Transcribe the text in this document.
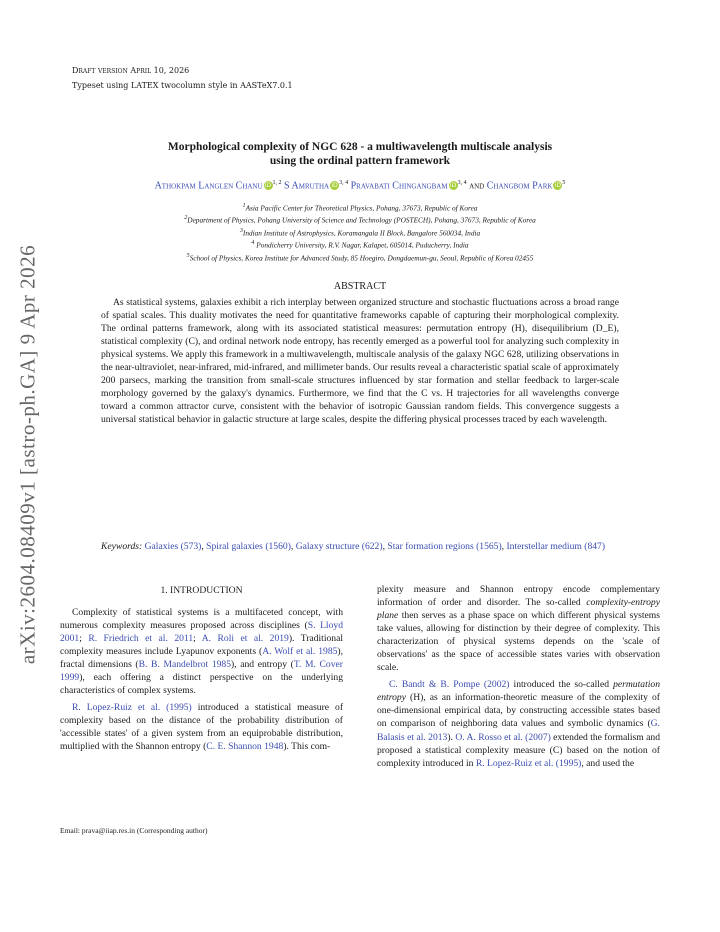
arXiv:2604.08409v1 [astro-ph.GA] 9 Apr 2026
Draft version April 10, 2026
Typeset using LATEX twocolumn style in AASTeX7.0.1
Morphological complexity of NGC 628 - a multiwavelength multiscale analysis
using the ordinal pattern framework
Athokpam Langlen Chanu iD$^{1, 2}$ S Amrutha iD$^{3, 4}$ Pravabati Chingangbam iD$^{3, 4}$ and Changbom Park $iD^5$
$^1$Asia Pacific Center for Theoretical Physics, Pohang, 37673, Republic of Korea
$^2$Department of Physics, Pohang University of Science and Technology (POSTECH), Pohang, 37673, Republic of Korea
$^3$Indian Institute of Astrophysics, Koramangala II Block, Bangalore 560034, India
$^4$ Pondicherry University, R.V. Nagar, Kalapet, 605014, Puducherry, India
$^5$School of Physics, Korea Institute for Advanced Study, 85 Hoegiro, Dongdaemun-gu, Seoul, Republic of Korea 02455
ABSTRACT
As statistical systems, galaxies exhibit a rich interplay between organized structure and stochastic fluctuations across a broad range of spatial scales. This duality motivates the need for quantitative frameworks capable of capturing their morphological complexity. The ordinal patterns framework, along with its associated statistical measures: permutation entropy (H), disequilibrium (D_E), statistical complexity (C), and ordinal network node entropy, has recently emerged as a powerful tool for analyzing such complexity in physical systems. We apply this framework in a multiwavelength, multiscale analysis of the galaxy NGC 628, utilizing observations in the near-ultraviolet, near-infrared, mid-infrared, and millimeter bands. Our results reveal a characteristic spatial scale of approximately 200 parsecs, marking the transition from small-scale structures influenced by star formation and stellar feedback to larger-scale morphology governed by the galaxy's dynamics. Furthermore, we find that the C vs. H trajectories for all wavelengths converge toward a common attractor curve, consistent with the behavior of isotropic Gaussian random fields. This convergence suggests a universal statistical behavior in galactic structure at large scales, despite the differing physical processes traced by each wavelength.
Keywords: Galaxies (573), Spiral galaxies (1560), Galaxy structure (622), Star formation regions (1565), Interstellar medium (847)
1. INTRODUCTION

Complexity of statistical systems is a multifaceted concept, with numerous complexity measures proposed across disciplines (S. Lloyd 2001; R. Friedrich et al. 2011; A. Roli et al. 2019). Traditional complexity measures include Lyapunov exponents (A. Wolf et al. 1985), fractal dimensions (B. B. Mandelbrot 1985), and entropy (T. M. Cover 1999), each offering a distinct perspective on the underlying characteristics of complex systems.

R. Lopez-Ruiz et al. (1995) introduced a statistical measure of complexity based on the distance of the probability distribution of 'accessible states' of a given system from an equiprobable distribution, multiplied with the Shannon entropy (C. E. Shannon 1948). This com-

plexity measure and Shannon entropy encode complementary information of order and disorder. The so-called complexity-entropy plane then serves as a phase space on which different physical systems take values, allowing for distinction by their degree of complexity. This characterization of physical systems depends on the 'scale of observations' as the space of accessible states varies with observation scale.

C. Bandt & B. Pompe (2002) introduced the so-called permutation entropy (H), as an information-theoretic measure of the complexity of one-dimensional empirical data, by constructing accessible states based on comparison of neighboring data values and symbolic dynamics (G. Balasis et al. 2013). O. A. Rosso et al. (2007) extended the formalism and proposed a statistical complexity measure (C) based on the notion of complexity introduced in R. Lopez-Ruiz et al. (1995), and used the

Email: prava@iiap.res.in (Corresponding author)
